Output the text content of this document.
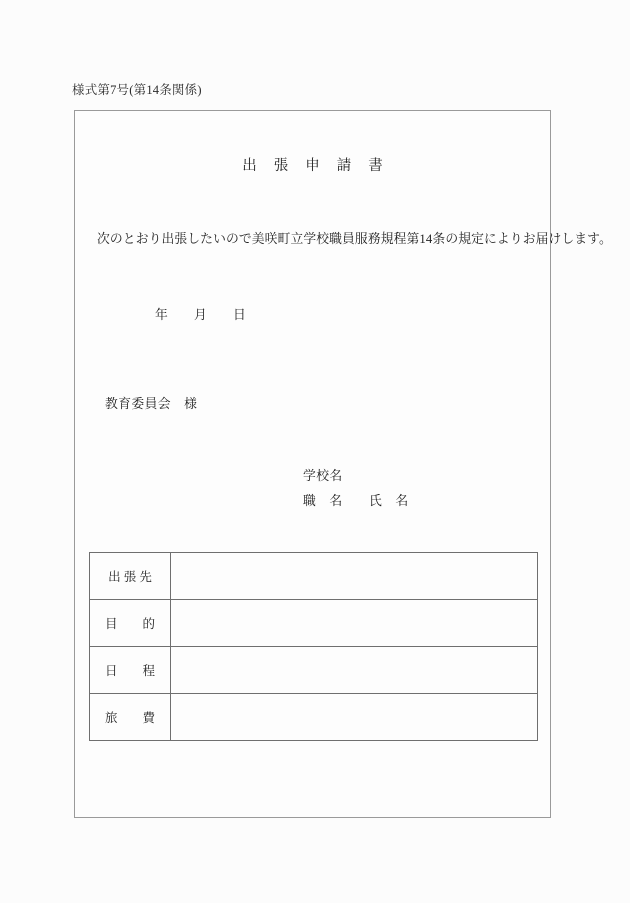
様式第7号(第14条関係)
出張申請書
次のとおり出張したいので美咲町立学校職員服務規程第14条の規定によりお届けします。
年　　月　　日
教育委員会　様
学校名
職　名　　氏　名
出 張 先	

目　　的	

日　　程	

旅　　費	
